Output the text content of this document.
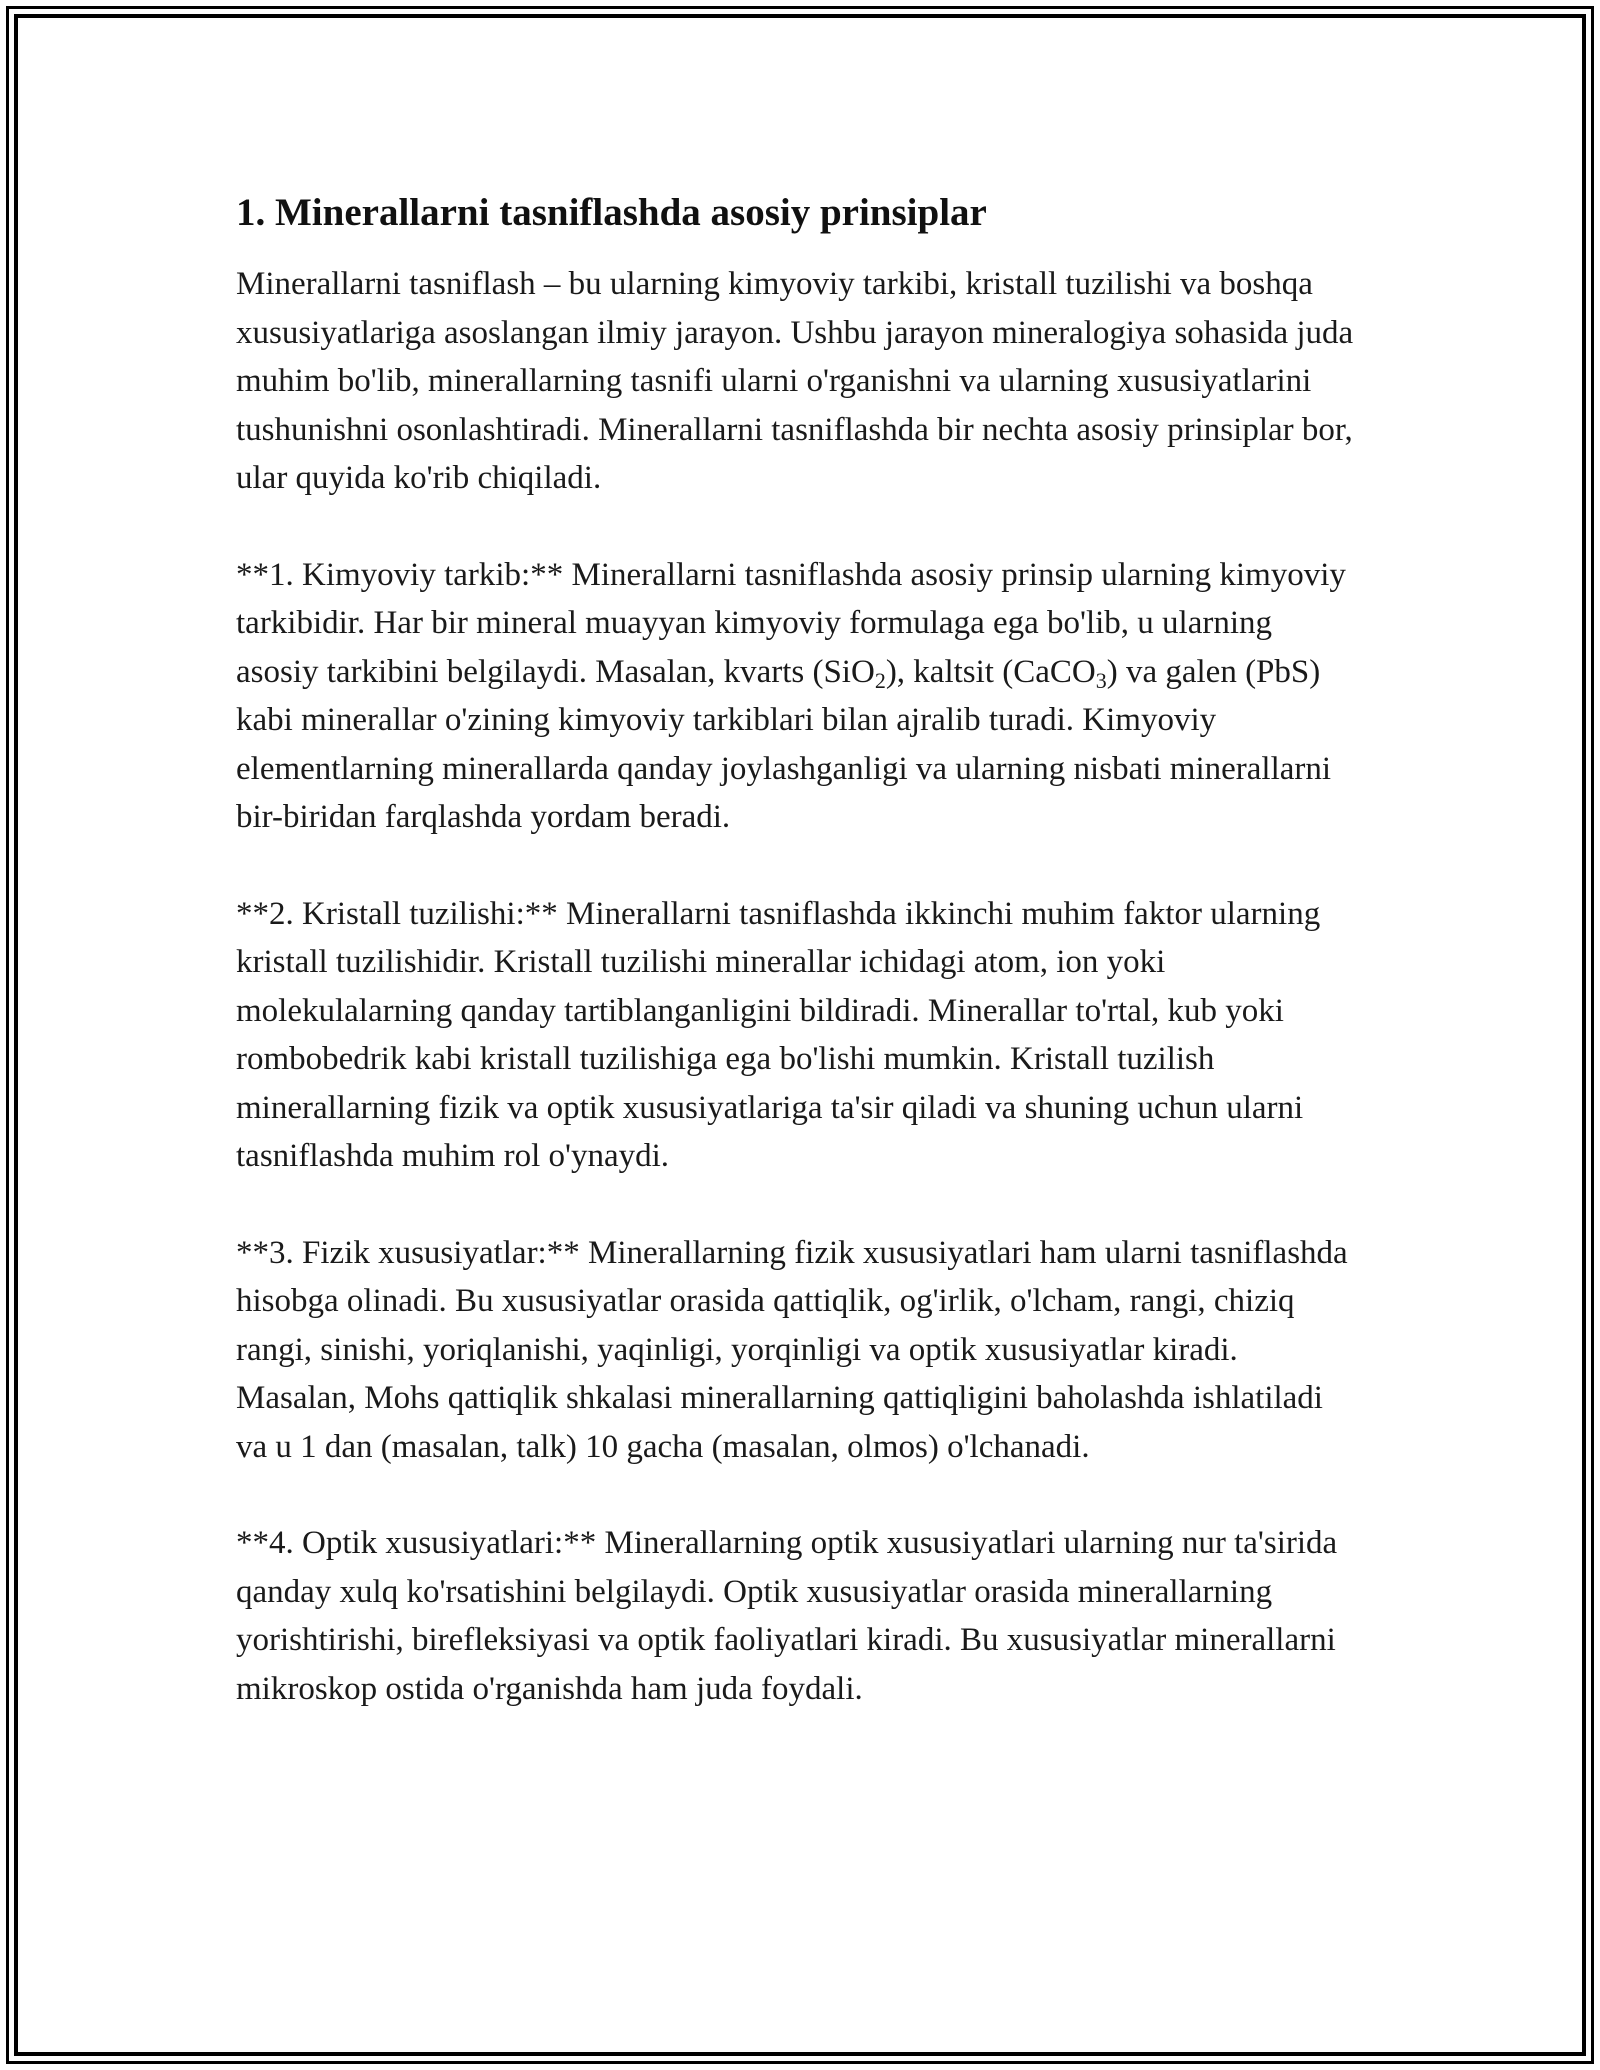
1. Minerallarni tasniflashda asosiy prinsiplar

Minerallarni tasniflash – bu ularning kimyoviy tarkibi, kristall tuzilishi va boshqa xususiyatlariga asoslangan ilmiy jarayon. Ushbu jarayon mineralogiya sohasida juda muhim bo'lib, minerallarning tasnifi ularni o'rganishni va ularning xususiyatlarini tushunishni osonlashtiradi. Minerallarni tasniflashda bir nechta asosiy prinsiplar bor, ular quyida ko'rib chiqiladi.

**1. Kimyoviy tarkib:** Minerallarni tasniflashda asosiy prinsip ularning kimyoviy tarkibidir. Har bir mineral muayyan kimyoviy formulaga ega bo'lib, u ularning asosiy tarkibini belgilaydi. Masalan, kvarts (SiO$_2$), kaltsit (CaCO$_3$) va galen (PbS) kabi minerallar o'zining kimyoviy tarkiblari bilan ajralib turadi. Kimyoviy elementlarning minerallarda qanday joylashganligi va ularning nisbati minerallarni bir-biridan farqlashda yordam beradi.

**2. Kristall tuzilishi:** Minerallarni tasniflashda ikkinchi muhim faktor ularning kristall tuzilishidir. Kristall tuzilishi minerallar ichidagi atom, ion yoki molekulalarning qanday tartiblanganligini bildiradi. Minerallar to'rtal, kub yoki rombobedrik kabi kristall tuzilishiga ega bo'lishi mumkin. Kristall tuzilish minerallarning fizik va optik xususiyatlariga ta'sir qiladi va shuning uchun ularni tasniflashda muhim rol o'ynaydi.

**3. Fizik xususiyatlar:** Minerallarning fizik xususiyatlari ham ularni tasniflashda hisobga olinadi. Bu xususiyatlar orasida qattiqlik, og'irlik, o'lcham, rangi, chiziq rangi, sinishi, yoriqlanishi, yaqinligi, yorqinligi va optik xususiyatlar kiradi. Masalan, Mohs qattiqlik shkalasi minerallarning qattiqligini baholashda ishlatiladi va u 1 dan (masalan, talk) 10 gacha (masalan, olmos) o'lchanadi.

**4. Optik xususiyatlari:** Minerallarning optik xususiyatlari ularning nur ta'sirida qanday xulq ko'rsatishini belgilaydi. Optik xususiyatlar orasida minerallarning yorishtirishi, birefleksiyasi va optik faoliyatlari kiradi. Bu xususiyatlar minerallarni mikroskop ostida o'rganishda ham juda foydali.
